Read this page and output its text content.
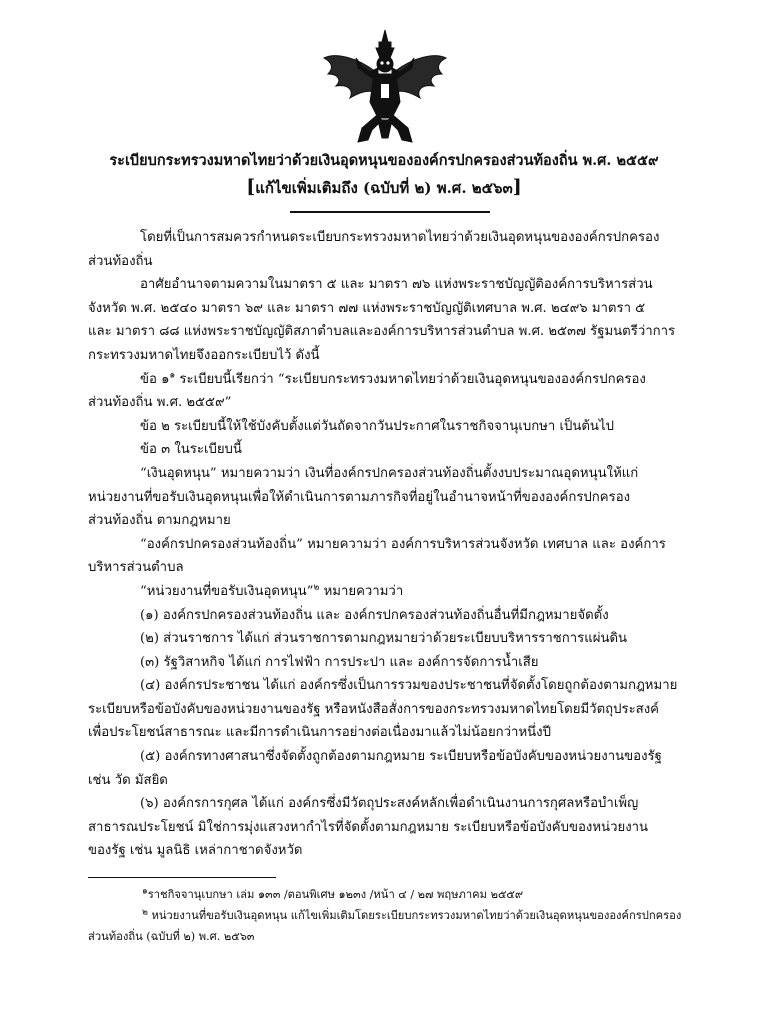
ระเบียบกระทรวงมหาดไทยว่าด้วยเงินอุดหนุนขององค์กรปกครองส่วนท้องถิ่น พ.ศ. ๒๕๕๙
[แก้ไขเพิ่มเติมถึง (ฉบับที่ ๒) พ.ศ. ๒๕๖๓]
โดยที่เป็นการสมควรกำหนดระเบียบกระทรวงมหาดไทยว่าด้วยเงินอุดหนุนขององค์กรปกครอง
ส่วนท้องถิ่น
อาศัยอำนาจตามความในมาตรา ๕ และ มาตรา ๗๖ แห่งพระราชบัญญัติองค์การบริหารส่วน
จังหวัด พ.ศ. ๒๕๔๐ มาตรา ๖๙ และ มาตรา ๗๗ แห่งพระราชบัญญัติเทศบาล พ.ศ. ๒๔๙๖ มาตรา ๕
และ มาตรา ๘๘ แห่งพระราชบัญญัติสภาตำบลและองค์การบริหารส่วนตำบล พ.ศ. ๒๕๓๗ รัฐมนตรีว่าการ
กระทรวงมหาดไทยจึงออกระเบียบไว้ ดังนี้
ข้อ ๑$^๑$ ระเบียบนี้เรียกว่า “ระเบียบกระทรวงมหาดไทยว่าด้วยเงินอุดหนุนขององค์กรปกครอง
ส่วนท้องถิ่น พ.ศ. ๒๕๕๙”
ข้อ ๒ ระเบียบนี้ให้ใช้บังคับตั้งแต่วันถัดจากวันประกาศในราชกิจจานุเบกษา เป็นต้นไป
ข้อ ๓ ในระเบียบนี้
“เงินอุดหนุน” หมายความว่า เงินที่องค์กรปกครองส่วนท้องถิ่นตั้งงบประมาณอุดหนุนให้แก่
หน่วยงานที่ขอรับเงินอุดหนุนเพื่อให้ดำเนินการตามภารกิจที่อยู่ในอำนาจหน้าที่ขององค์กรปกครอง
ส่วนท้องถิ่น ตามกฎหมาย
“องค์กรปกครองส่วนท้องถิ่น” หมายความว่า องค์การบริหารส่วนจังหวัด เทศบาล และ องค์การ
บริหารส่วนตำบล
“หน่วยงานที่ขอรับเงินอุดหนุน”$^๒$ หมายความว่า
(๑) องค์กรปกครองส่วนท้องถิ่น และ องค์กรปกครองส่วนท้องถิ่นอื่นที่มีกฎหมายจัดตั้ง
(๒) ส่วนราชการ ได้แก่ ส่วนราชการตามกฎหมายว่าด้วยระเบียบบริหารราชการแผ่นดิน
(๓) รัฐวิสาหกิจ ได้แก่ การไฟฟ้า การประปา และ องค์การจัดการน้ำเสีย
(๔) องค์กรประชาชน ได้แก่ องค์กรซึ่งเป็นการรวมของประชาชนที่จัดตั้งโดยถูกต้องตามกฎหมาย
ระเบียบหรือข้อบังคับของหน่วยงานของรัฐ หรือหนังสือสั่งการของกระทรวงมหาดไทยโดยมีวัตถุประสงค์
เพื่อประโยชน์สาธารณะ และมีการดำเนินการอย่างต่อเนื่องมาแล้วไม่น้อยกว่าหนึ่งปี
(๕) องค์กรทางศาสนาซึ่งจัดตั้งถูกต้องตามกฎหมาย ระเบียบหรือข้อบังคับของหน่วยงานของรัฐ
เช่น วัด มัสยิด
(๖) องค์กรการกุศล ได้แก่ องค์กรซึ่งมีวัตถุประสงค์หลักเพื่อดำเนินงานการกุศลหรือบำเพ็ญ
สาธารณประโยชน์ มิใช่การมุ่งแสวงหากำไรที่จัดตั้งตามกฎหมาย ระเบียบหรือข้อบังคับของหน่วยงาน
ของรัฐ เช่น มูลนิธิ เหล่ากาชาดจังหวัด
$^๑$ราชกิจจานุเบกษา เล่ม ๑๓๓ /ตอนพิเศษ ๑๒๓ง /หน้า ๔ / ๒๗ พฤษภาคม ๒๕๕๙
$^๒$ หน่วยงานที่ขอรับเงินอุดหนุน แก้ไขเพิ่มเติมโดยระเบียบกระทรวงมหาดไทยว่าด้วยเงินอุดหนุนขององค์กรปกครอง
ส่วนท้องถิ่น (ฉบับที่ ๒) พ.ศ. ๒๕๖๓
